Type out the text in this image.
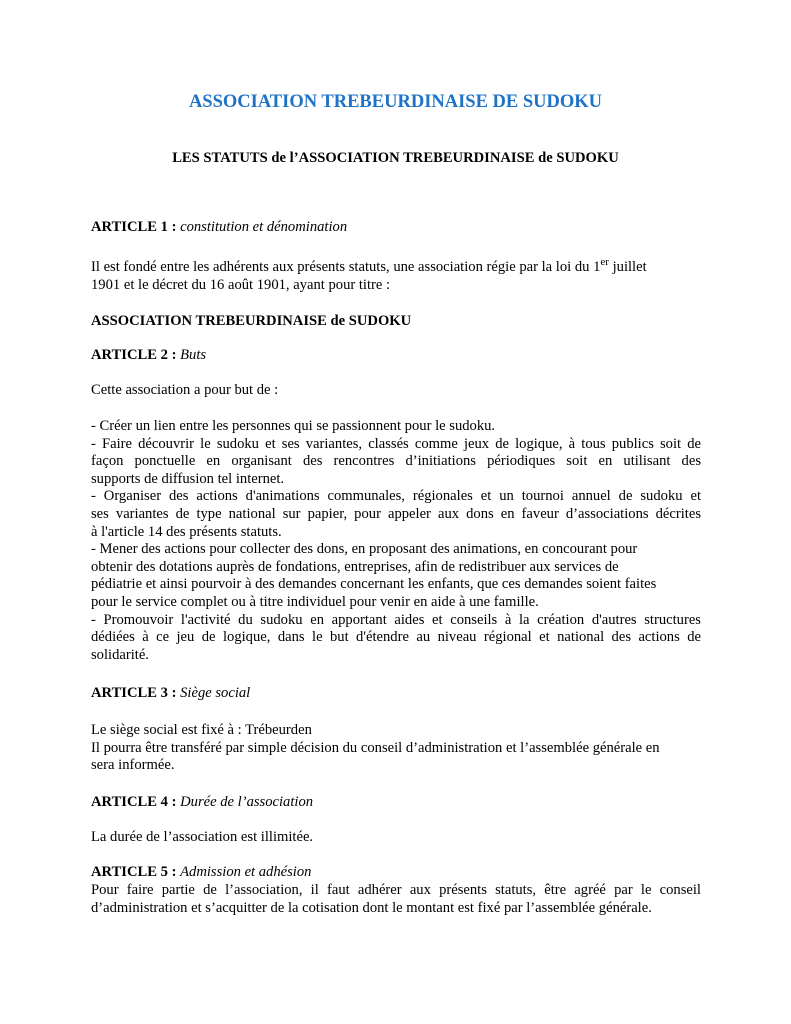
ASSOCIATION TREBEURDINAISE DE SUDOKU
LES STATUTS de l’ASSOCIATION TREBEURDINAISE de SUDOKU
ARTICLE 1 : constitution et dénomination
Il est fondé entre les adhérents aux présents statuts, une association régie par la loi du 1er juillet
1901 et le décret du 16 août 1901, ayant pour titre :
ASSOCIATION TREBEURDINAISE de SUDOKU
ARTICLE 2 : Buts
Cette association a pour but de :
- Créer un lien entre les personnes qui se passionnent pour le sudoku.
- Faire découvrir le sudoku et ses variantes, classés comme jeux de logique, à tous publics soit de
façon ponctuelle en organisant des rencontres d’initiations périodiques soit en utilisant des
supports de diffusion tel internet.
- Organiser des actions d'animations communales, régionales et un tournoi annuel de sudoku et
ses variantes de type national sur papier, pour appeler aux dons en faveur d’associations décrites
à l'article 14 des présents statuts.
- Mener des actions pour collecter des dons, en proposant des animations, en concourant pour
obtenir des dotations auprès de fondations, entreprises, afin de redistribuer aux services de
pédiatrie et ainsi pourvoir à des demandes concernant les enfants, que ces demandes soient faites
pour le service complet ou à titre individuel pour venir en aide à une famille.
- Promouvoir l'activité du sudoku en apportant aides et conseils à la création d'autres structures
dédiées à ce jeu de logique, dans le but d'étendre au niveau régional et national des actions de
solidarité.
ARTICLE 3 : Siège social
Le siège social est fixé à : Trébeurden
Il pourra être transféré par simple décision du conseil d’administration et l’assemblée générale en
sera informée.
ARTICLE 4 : Durée de l’association
La durée de l’association est illimitée.
ARTICLE 5 : Admission et adhésion
Pour faire partie de l’association, il faut adhérer aux présents statuts, être agréé par le conseil
d’administration et s’acquitter de la cotisation dont le montant est fixé par l’assemblée générale.
